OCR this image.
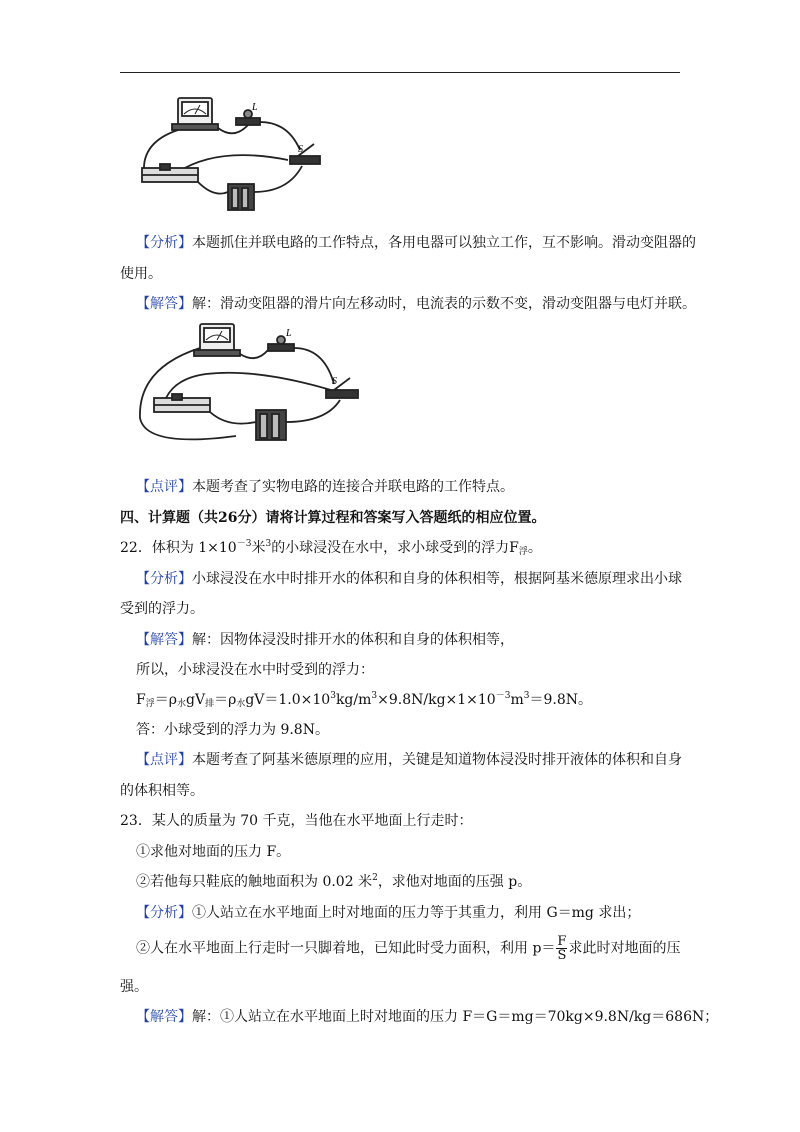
L
S
【分析】本题抓住并联电路的工作特点，各用电器可以独立工作，互不影响。滑动变阻器的
使用。
【解答】解：滑动变阻器的滑片向左移动时，电流表的示数不变，滑动变阻器与电灯并联。
L
S
【点评】本题考查了实物电路的连接合并联电路的工作特点。
四、计算题（共26分）请将计算过程和答案写入答题纸的相应位置。
22．体积为 $1\times 10^{-3}$米$^3$的小球浸没在水中，求小球受到的浮力$F_浮$。
【分析】小球浸没在水中时排开水的体积和自身的体积相等，根据阿基米德原理求出小球
受到的浮力。
【解答】解：因物体浸没时排开水的体积和自身的体积相等，
所以，小球浸没在水中时受到的浮力：
$F_浮=\rho_水gV_排=\rho_水gV=1.0\times 10^3kg/m^3\times 9.8N/kg\times 1\times 10^{-3}m^3=9.8N$。
答：小球受到的浮力为 9.8N。
【点评】本题考查了阿基米德原理的应用，关键是知道物体浸没时排开液体的体积和自身
的体积相等。
23．某人的质量为 70 千克，当他在水平地面上行走时：
①求他对地面的压力 F。
②若他每只鞋底的触地面积为 0.02 米$^2$，求他对地面的压强 p。
【分析】①人站立在水平地面上时对地面的压力等于其重力，利用 G＝mg 求出；
②人在水平地面上行走时一只脚着地，已知此时受力面积，利用 $p= \frac{F}{S}$ 求此时对地面的压
强。
【解答】解：①人站立在水平地面上时对地面的压力 F＝G＝mg＝70kg×9.8N/kg＝686N；
